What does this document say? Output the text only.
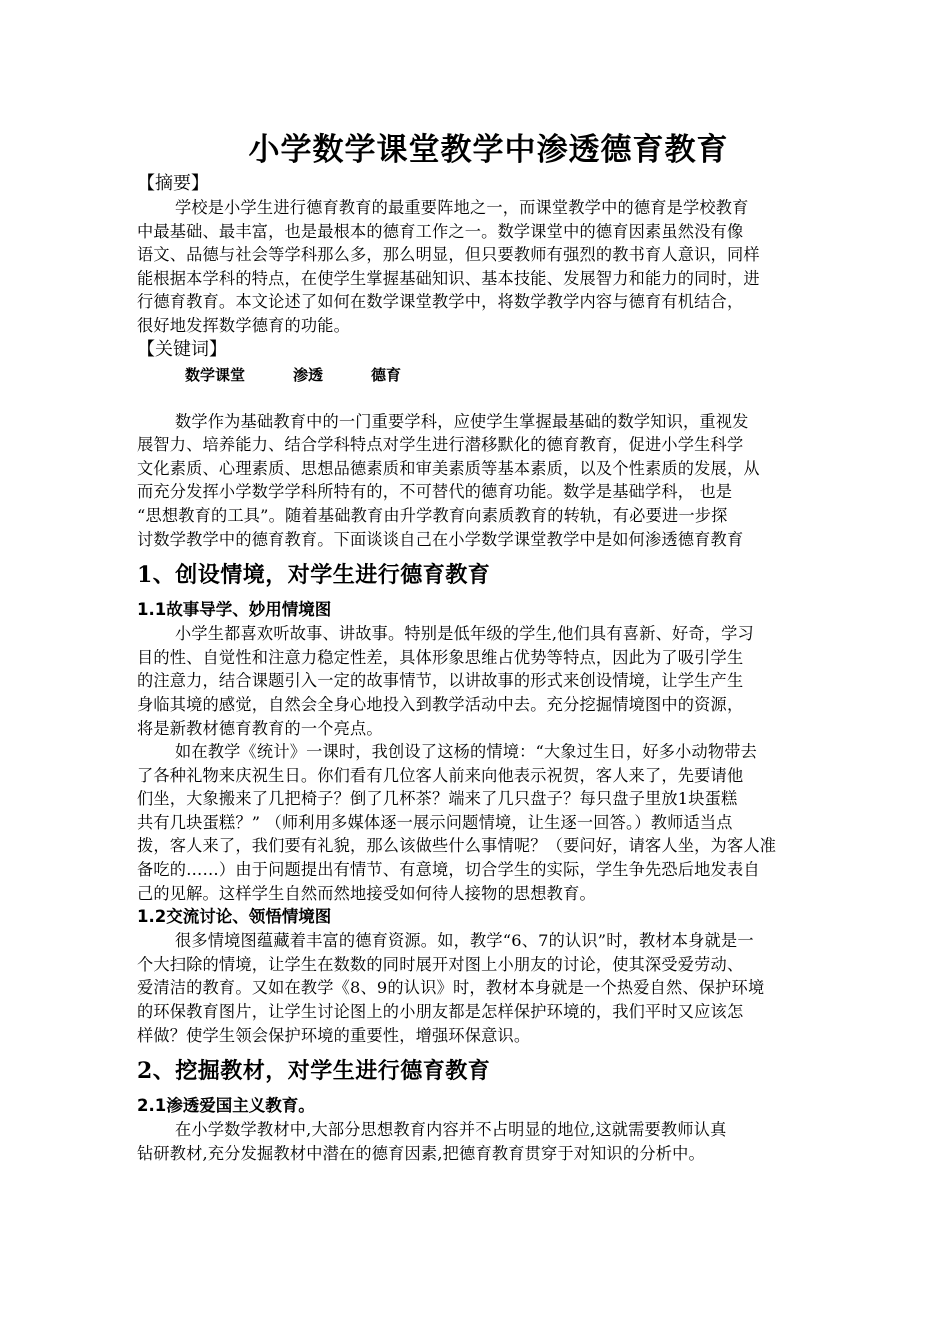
小学数学课堂教学中渗透德育教育
【摘要】
学校是小学生进行德育教育的最重要阵地之一，而课堂教学中的德育是学校教育
中最基础、最丰富，也是最根本的德育工作之一。数学课堂中的德育因素虽然没有像
语文、品德与社会等学科那么多，那么明显，但只要教师有强烈的教书育人意识，同样
能根据本学科的特点，在使学生掌握基础知识、基本技能、发展智力和能力的同时，进
行德育教育。本文论述了如何在数学课堂教学中，将数学教学内容与德育有机结合，
很好地发挥数学德育的功能。
【关键词】
数学课堂	渗透	德育
数学作为基础教育中的一门重要学科，应使学生掌握最基础的数学知识，重视发
展智力、培养能力、结合学科特点对学生进行潜移默化的德育教育，促进小学生科学
文化素质、心理素质、思想品德素质和审美素质等基本素质，以及个性素质的发展，从
而充分发挥小学数学学科所特有的，不可替代的德育功能。数学是基础学科， 也是
“思想教育的工具”。随着基础教育由升学教育向素质教育的转轨，有必要进一步探
讨数学教学中的德育教育。下面谈谈自己在小学数学课堂教学中是如何渗透德育教育
1、创设情境，对学生进行德育教育
1.1故事导学、妙用情境图
小学生都喜欢听故事、讲故事。特别是低年级的学生,他们具有喜新、好奇，学习
目的性、自觉性和注意力稳定性差，具体形象思维占优势等特点，因此为了吸引学生
的注意力，结合课题引入一定的故事情节，以讲故事的形式来创设情境，让学生产生
身临其境的感觉，自然会全身心地投入到教学活动中去。充分挖掘情境图中的资源，
将是新教材德育教育的一个亮点。
如在教学《统计》一课时，我创设了这杨的情境：“大象过生日，好多小动物带去
了各种礼物来庆祝生日。你们看有几位客人前来向他表示祝贺，客人来了，先要请他
们坐，大象搬来了几把椅子？倒了几杯茶？端来了几只盘子？每只盘子里放1块蛋糕
共有几块蛋糕？” （师利用多媒体逐一展示问题情境，让生逐一回答。）教师适当点
拨，客人来了，我们要有礼貌，那么该做些什么事情呢？（要问好，请客人坐，为客人准
备吃的……）由于问题提出有情节、有意境，切合学生的实际，学生争先恐后地发表自
己的见解。这样学生自然而然地接受如何待人接物的思想教育。
1.2交流讨论、领悟情境图
很多情境图蕴藏着丰富的德育资源。如，教学“6、7的认识”时，教材本身就是一
个大扫除的情境，让学生在数数的同时展开对图上小朋友的讨论，使其深受爱劳动、
爱清洁的教育。又如在教学《8、9的认识》时，教材本身就是一个热爱自然、保护环境
的环保教育图片，让学生讨论图上的小朋友都是怎样保护环境的，我们平时又应该怎
样做？使学生领会保护环境的重要性，增强环保意识。
2、挖掘教材，对学生进行德育教育
2.1渗透爱国主义教育。
在小学数学教材中,大部分思想教育内容并不占明显的地位,这就需要教师认真
钻研教材,充分发掘教材中潜在的德育因素,把德育教育贯穿于对知识的分析中。
